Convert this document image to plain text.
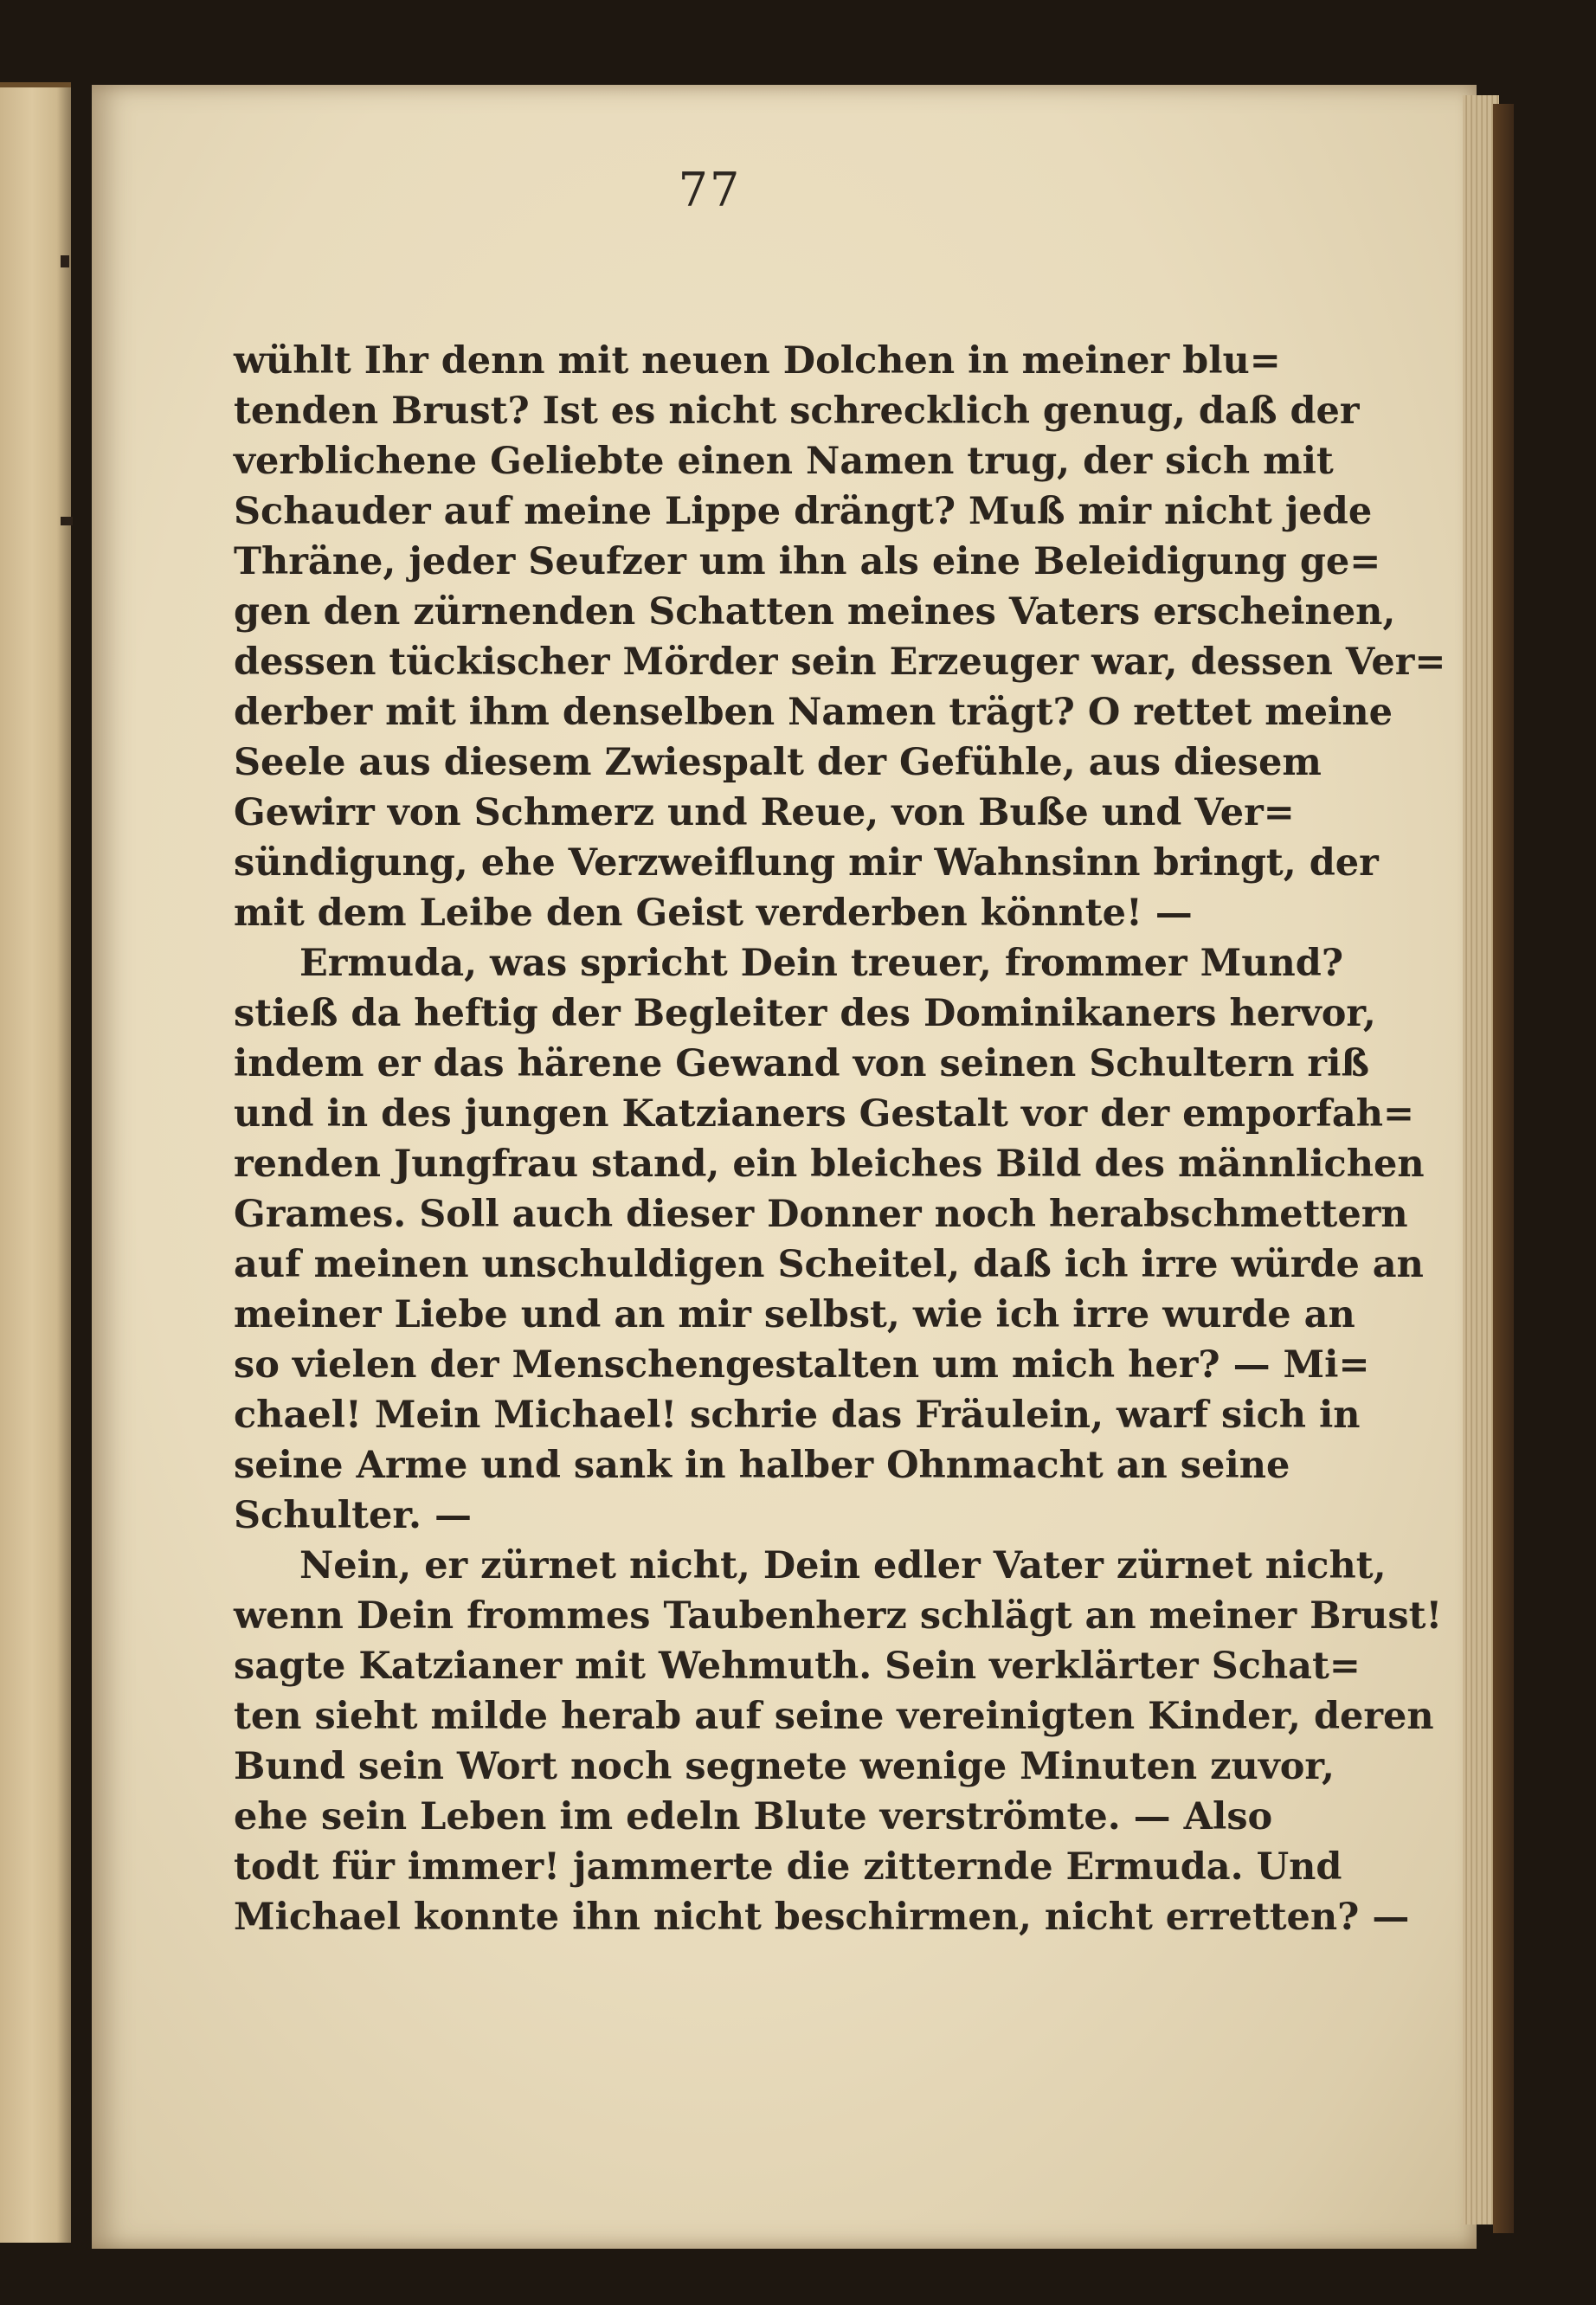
77
wühlt Ihr denn mit neuen Dolchen in meiner blu=
tenden Brust? Ist es nicht schrecklich genug, daß der
verblichene Geliebte einen Namen trug, der sich mit
Schauder auf meine Lippe drängt? Muß mir nicht jede
Thräne, jeder Seufzer um ihn als eine Beleidigung ge=
gen den zürnenden Schatten meines Vaters erscheinen,
dessen tückischer Mörder sein Erzeuger war, dessen Ver=
derber mit ihm denselben Namen trägt? O rettet meine
Seele aus diesem Zwiespalt der Gefühle, aus diesem
Gewirr von Schmerz und Reue, von Buße und Ver=
sündigung, ehe Verzweiflung mir Wahnsinn bringt, der
mit dem Leibe den Geist verderben könnte! —
Ermuda, was spricht Dein treuer, frommer Mund?
stieß da heftig der Begleiter des Dominikaners hervor,
indem er das härene Gewand von seinen Schultern riß
und in des jungen Katzianers Gestalt vor der emporfah=
renden Jungfrau stand, ein bleiches Bild des männlichen
Grames. Soll auch dieser Donner noch herabschmettern
auf meinen unschuldigen Scheitel, daß ich irre würde an
meiner Liebe und an mir selbst, wie ich irre wurde an
so vielen der Menschengestalten um mich her? — Mi=
chael! Mein Michael! schrie das Fräulein, warf sich in
seine Arme und sank in halber Ohnmacht an seine
Schulter. —
Nein, er zürnet nicht, Dein edler Vater zürnet nicht,
wenn Dein frommes Taubenherz schlägt an meiner Brust!
sagte Katzianer mit Wehmuth. Sein verklärter Schat=
ten sieht milde herab auf seine vereinigten Kinder, deren
Bund sein Wort noch segnete wenige Minuten zuvor,
ehe sein Leben im edeln Blute verströmte. — Also
todt für immer! jammerte die zitternde Ermuda. Und
Michael konnte ihn nicht beschirmen, nicht erretten? —
